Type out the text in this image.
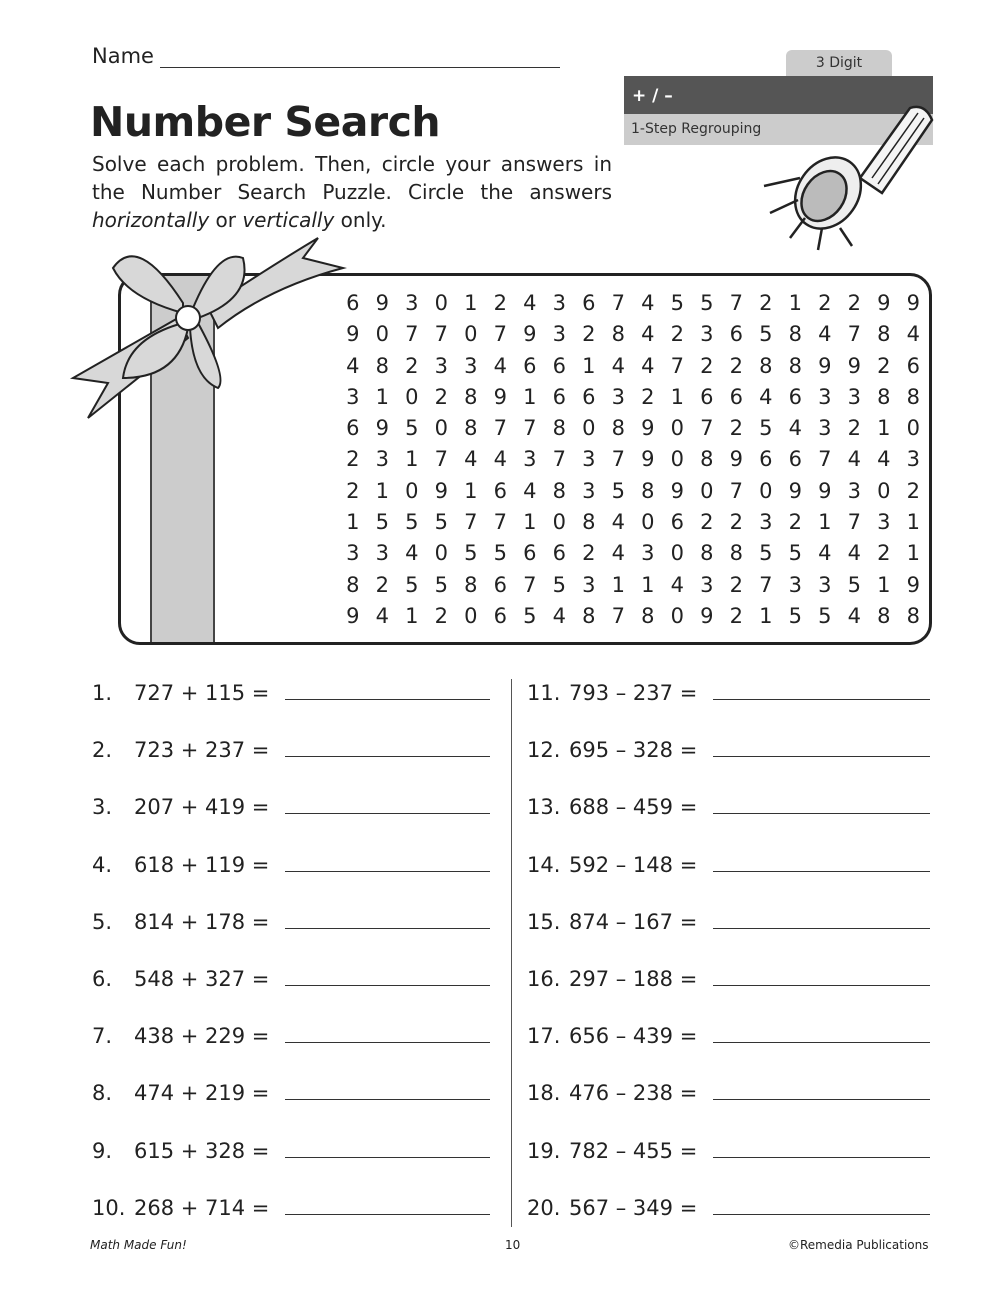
Name
Number Search
Solve each problem. Then, circle your answers in the Number Search Puzzle. Circle the answers horizontally or vertically only.
3 Digit
+ / –
1-Step Regrouping
6 9 3 0 1 2 4 3 6 7 4 5 5 7 2 1 2 2 9 9
9 0 7 7 0 7 9 3 2 8 4 2 3 6 5 8 4 7 8 4
4 8 2 3 3 4 6 6 1 4 4 7 2 2 8 8 9 9 2 6
3 1 0 2 8 9 1 6 6 3 2 1 6 6 4 6 3 3 8 8
6 9 5 0 8 7 7 8 0 8 9 0 7 2 5 4 3 2 1 0
2 3 1 7 4 4 3 7 3 7 9 0 8 9 6 6 7 4 4 3
2 1 0 9 1 6 4 8 3 5 8 9 0 7 0 9 9 3 0 2
1 5 5 5 7 7 1 0 8 4 0 6 2 2 3 2 1 7 3 1
3 3 4 0 5 5 6 6 2 4 3 0 8 8 5 5 4 4 2 1
8 2 5 5 8 6 7 5 3 1 1 4 3 2 7 3 3 5 1 9
9 4 1 2 0 6 5 4 8 7 8 0 9 2 1 5 5 4 8 8
Math Made Fun!	10	©Remedia Publications
1.	727 + 115 =
2.	723 + 237 =
3.	207 + 419 =
4.	618 + 119 =
5.	814 + 178 =
6.	548 + 327 =
7.	438 + 229 =
8.	474 + 219 =
9.	615 + 328 =
10. 268 + 714 =
11. 793 – 237 =
12. 695 – 328 =
13. 688 – 459 =
14. 592 – 148 =
15. 874 – 167 =
16. 297 – 188 =
17. 656 – 439 =
18. 476 – 238 =
19. 782 – 455 =
20. 567 – 349 =
